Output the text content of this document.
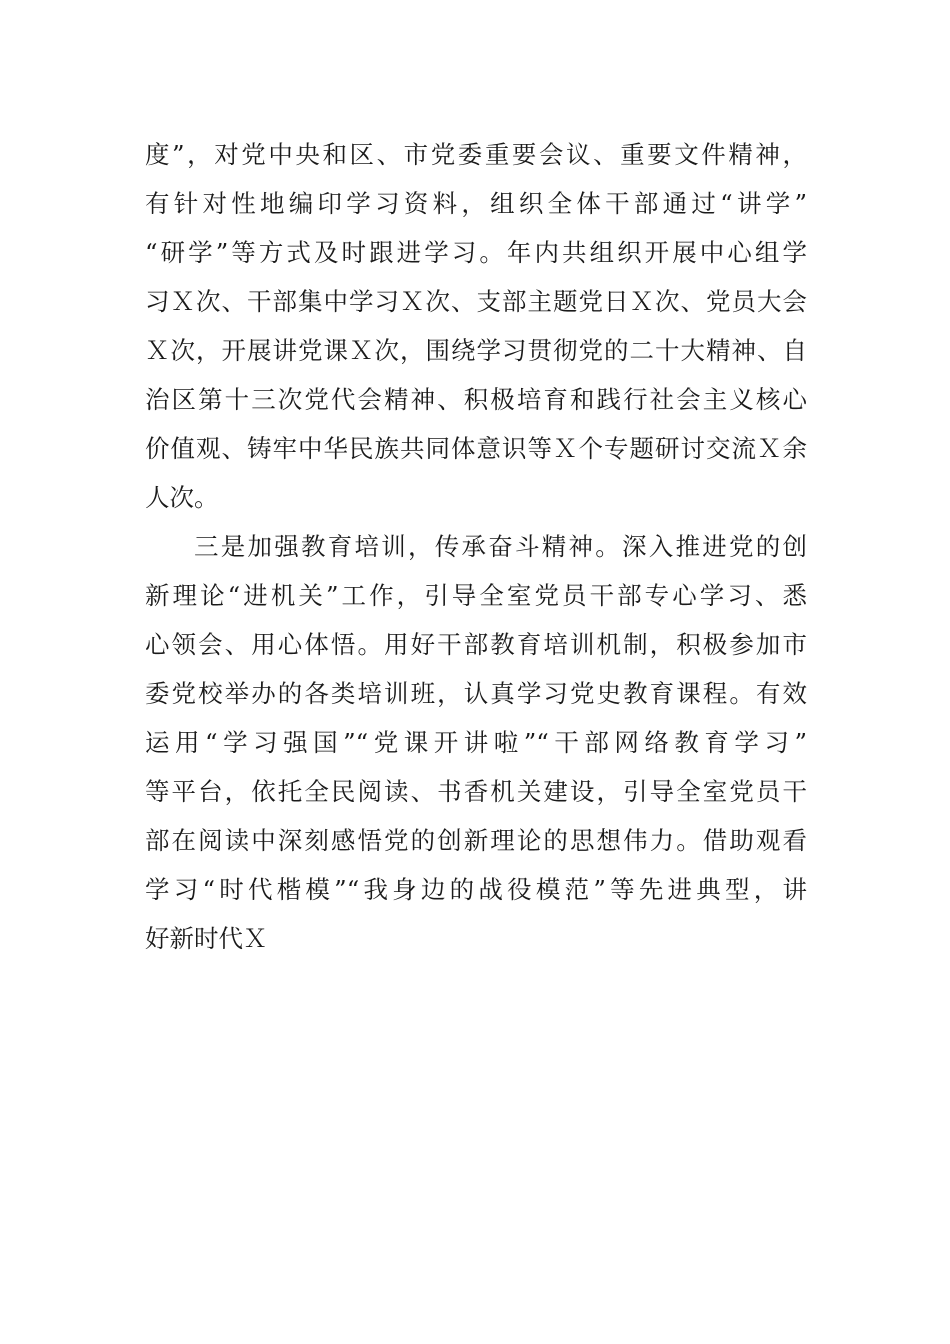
度”，对党中央和区、市党委重要会议、重要文件精神，
有针对性地编印学习资料，组织全体干部通过“讲学”
“研学”等方式及时跟进学习。年内共组织开展中心组学
习Ｘ次、干部集中学习Ｘ次、支部主题党日Ｘ次、党员大会
Ｘ次，开展讲党课Ｘ次，围绕学习贯彻党的二十大精神、自
治区第十三次党代会精神、积极培育和践行社会主义核心
价值观、铸牢中华民族共同体意识等Ｘ个专题研讨交流Ｘ余
人次。
三是加强教育培训，传承奋斗精神。深入推进党的创
新理论“进机关”工作，引导全室党员干部专心学习、悉
心领会、用心体悟。用好干部教育培训机制，积极参加市
委党校举办的各类培训班，认真学习党史教育课程。有效
运用“学习强国”“党课开讲啦”“干部网络教育学习”
等平台，依托全民阅读、书香机关建设，引导全室党员干
部在阅读中深刻感悟党的创新理论的思想伟力。借助观看
学习“时代楷模”“我身边的战役模范”等先进典型，讲
好新时代Ｘ
